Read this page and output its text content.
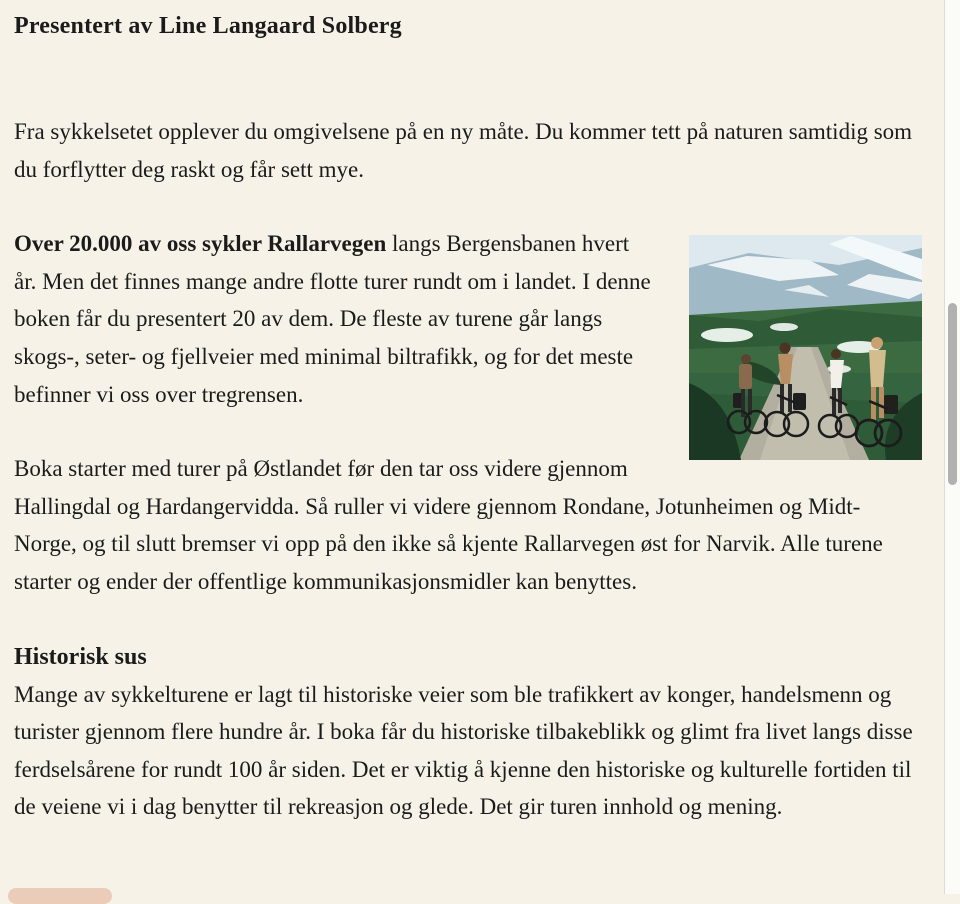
Presentert av Line Langaard Solberg

Fra sykkelsetet opplever du omgivelsene på en ny måte. Du kommer tett på naturen samtidig som du forflytter deg raskt og får sett mye.

Over 20.000 av oss sykler Rallarvegen langs Bergensbanen hvert år. Men det finnes mange andre flotte turer rundt om i landet. I denne boken får du presentert 20 av dem. De fleste av turene går langs skogs-, seter- og fjellveier med minimal biltrafikk, og for det meste befinner vi oss over tregrensen.

Boka starter med turer på Østlandet før den tar oss videre gjennom Hallingdal og Hardangervidda. Så ruller vi videre gjennom Rondane, Jotunheimen og Midt-Norge, og til slutt bremser vi opp på den ikke så kjente Rallarvegen øst for Narvik. Alle turene starter og ender der offentlige kommunikasjonsmidler kan benyttes.

Historisk sus

Mange av sykkelturene er lagt til historiske veier som ble trafikkert av konger, handelsmenn og turister gjennom flere hundre år. I boka får du historiske tilbakeblikk og glimt fra livet langs disse ferdselsårene for rundt 100 år siden. Det er viktig å kjenne den historiske og kulturelle fortiden til de veiene vi i dag benytter til rekreasjon og glede. Det gir turen innhold og mening.
